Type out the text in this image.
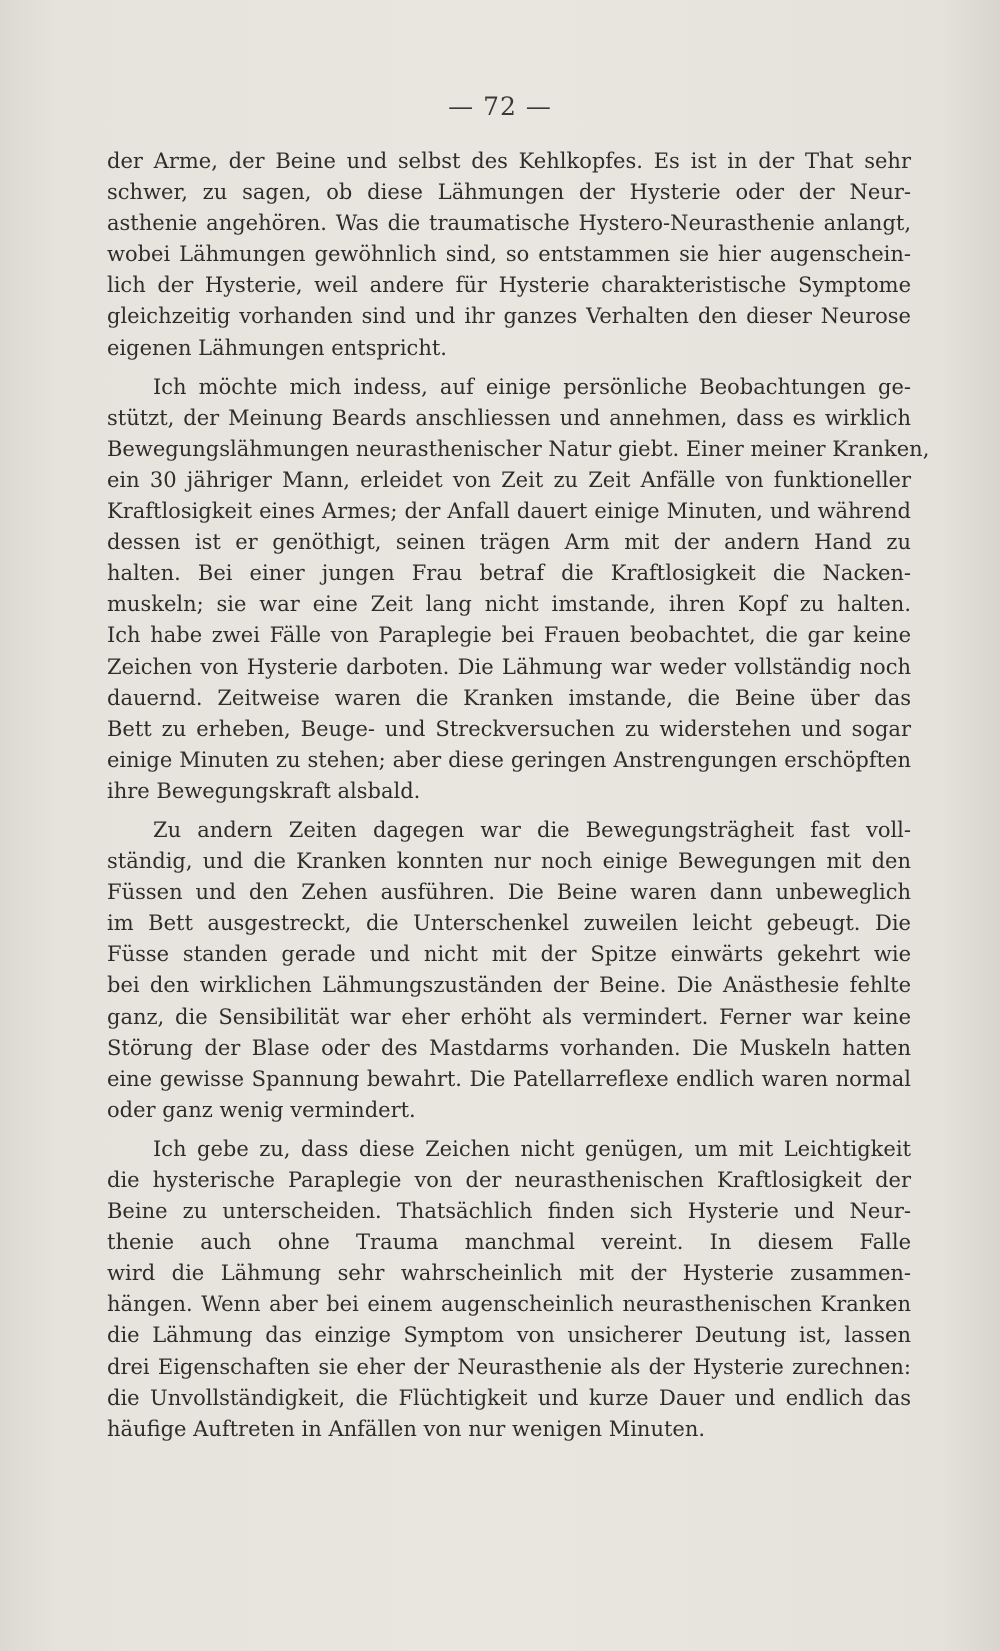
— 72 —

der Arme, der Beine und selbst des Kehlkopfes. Es ist in der That sehr
schwer, zu sagen, ob diese Lähmungen der Hysterie oder der Neur-
asthenie angehören. Was die traumatische Hystero-Neurasthenie anlangt,
wobei Lähmungen gewöhnlich sind, so entstammen sie hier augenschein-
lich der Hysterie, weil andere für Hysterie charakteristische Symptome
gleichzeitig vorhanden sind und ihr ganzes Verhalten den dieser Neurose
eigenen Lähmungen entspricht.

Ich möchte mich indess, auf einige persönliche Beobachtungen ge-
stützt, der Meinung Beards anschliessen und annehmen, dass es wirklich
Bewegungslähmungen neurasthenischer Natur giebt. Einer meiner Kranken,
ein 30 jähriger Mann, erleidet von Zeit zu Zeit Anfälle von funktioneller
Kraftlosigkeit eines Armes; der Anfall dauert einige Minuten, und während
dessen ist er genöthigt, seinen trägen Arm mit der andern Hand zu
halten. Bei einer jungen Frau betraf die Kraftlosigkeit die Nacken-
muskeln; sie war eine Zeit lang nicht imstande, ihren Kopf zu halten.
Ich habe zwei Fälle von Paraplegie bei Frauen beobachtet, die gar keine
Zeichen von Hysterie darboten. Die Lähmung war weder vollständig noch
dauernd. Zeitweise waren die Kranken imstande, die Beine über das
Bett zu erheben, Beuge- und Streckversuchen zu widerstehen und sogar
einige Minuten zu stehen; aber diese geringen Anstrengungen erschöpften
ihre Bewegungskraft alsbald.

Zu andern Zeiten dagegen war die Bewegungsträgheit fast voll-
ständig, und die Kranken konnten nur noch einige Bewegungen mit den
Füssen und den Zehen ausführen. Die Beine waren dann unbeweglich
im Bett ausgestreckt, die Unterschenkel zuweilen leicht gebeugt. Die
Füsse standen gerade und nicht mit der Spitze einwärts gekehrt wie
bei den wirklichen Lähmungszuständen der Beine. Die Anästhesie fehlte
ganz, die Sensibilität war eher erhöht als vermindert. Ferner war keine
Störung der Blase oder des Mastdarms vorhanden. Die Muskeln hatten
eine gewisse Spannung bewahrt. Die Patellarreflexe endlich waren normal
oder ganz wenig vermindert.

Ich gebe zu, dass diese Zeichen nicht genügen, um mit Leichtigkeit
die hysterische Paraplegie von der neurasthenischen Kraftlosigkeit der
Beine zu unterscheiden. Thatsächlich finden sich Hysterie und Neur-
thenie auch ohne Trauma manchmal vereint. In diesem Falle
wird die Lähmung sehr wahrscheinlich mit der Hysterie zusammen-
hängen. Wenn aber bei einem augenscheinlich neurasthenischen Kranken
die Lähmung das einzige Symptom von unsicherer Deutung ist, lassen
drei Eigenschaften sie eher der Neurasthenie als der Hysterie zurechnen:
die Unvollständigkeit, die Flüchtigkeit und kurze Dauer und endlich das
häufige Auftreten in Anfällen von nur wenigen Minuten.
